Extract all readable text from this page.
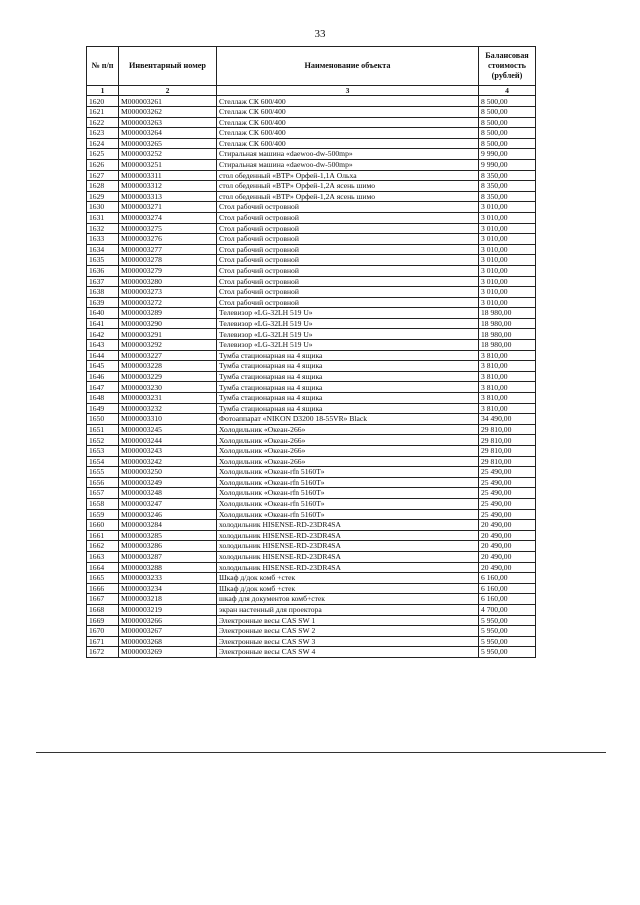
33
№ п/п	Инвентарный номер	Наименование объекта	Балансовая стоимость (рублей)
1	2	3	4
1620	M000003261	Стеллаж СК 600/400	8 500,00
1621	M000003262	Стеллаж СК 600/400	8 500,00
1622	M000003263	Стеллаж СК 600/400	8 500,00
1623	M000003264	Стеллаж СК 600/400	8 500,00
1624	M000003265	Стеллаж СК 600/400	8 500,00
1625	M000003252	Стиральная машина «daewoo-dw-500mp»	9 990,00
1626	M000003251	Стиральная машина «daewoo-dw-500mp»	9 990,00
1627	M000003311	стол обеденный «ВТР» Орфей-1,1А Ольха	8 350,00
1628	M000003312	стол обеденный «ВТР» Орфей-1,2А ясень шимо	8 350,00
1629	M000003313	стол обеденный «ВТР» Орфей-1,2А ясень шимо	8 350,00
1630	M000003271	Стол рабочий островной	3 010,00
1631	M000003274	Стол рабочий островной	3 010,00
1632	M000003275	Стол рабочий островной	3 010,00
1633	M000003276	Стол рабочий островной	3 010,00
1634	M000003277	Стол рабочий островной	3 010,00
1635	M000003278	Стол рабочий островной	3 010,00
1636	M000003279	Стол рабочий островной	3 010,00
1637	M000003280	Стол рабочий островной	3 010,00
1638	M000003273	Стол рабочий островной	3 010,00
1639	M000003272	Стол рабочий островной	3 010,00
1640	M000003289	Телевизор «LG-32LH 519 U»	18 980,00
1641	M000003290	Телевизор «LG-32LH 519 U»	18 980,00
1642	M000003291	Телевизор «LG-32LH 519 U»	18 980,00
1643	M000003292	Телевизор «LG-32LH 519 U»	18 980,00
1644	M000003227	Тумба стационарная на 4 ящика	3 810,00
1645	M000003228	Тумба стационарная на 4 ящика	3 810,00
1646	M000003229	Тумба стационарная на 4 ящика	3 810,00
1647	M000003230	Тумба стационарная на 4 ящика	3 810,00
1648	M000003231	Тумба стационарная на 4 ящика	3 810,00
1649	M000003232	Тумба стационарная на 4 ящика	3 810,00
1650	M000003310	Фотоаппарат «NIKON D3200 18-55VR» Black	34 490,00
1651	M000003245	Холодильник «Океан-266»	29 810,00
1652	M000003244	Холодильник «Океан-266»	29 810,00
1653	M000003243	Холодильник «Океан-266»	29 810,00
1654	M000003242	Холодильник «Океан-266»	29 810,00
1655	M000003250	Холодильник «Океан-rfn 5160T»	25 490,00
1656	M000003249	Холодильник «Океан-rfn 5160T»	25 490,00
1657	M000003248	Холодильник «Океан-rfn 5160T»	25 490,00
1658	M000003247	Холодильник «Океан-rfn 5160T»	25 490,00
1659	M000003246	Холодильник «Океан-rfn 5160T»	25 490,00
1660	M000003284	холодильник HISENSE-RD-23DR4SA	20 490,00
1661	M000003285	холодильник HISENSE-RD-23DR4SA	20 490,00
1662	M000003286	холодильник HISENSE-RD-23DR4SA	20 490,00
1663	M000003287	холодильник HISENSE-RD-23DR4SA	20 490,00
1664	M000003288	холодильник HISENSE-RD-23DR4SA	20 490,00
1665	M000003233	Шкаф д/док комб +стек	6 160,00
1666	M000003234	Шкаф д/док комб +стек	6 160,00
1667	M000003218	шкаф для документов комб+стек	6 160,00
1668	M000003219	экран настенный для проектора	4 700,00
1669	M000003266	Электронные весы CAS SW 1	5 950,00
1670	M000003267	Электронные весы CAS SW 2	5 950,00
1671	M000003268	Электронные весы CAS SW 3	5 950,00
1672	M000003269	Электронные весы CAS SW 4	5 950,00
